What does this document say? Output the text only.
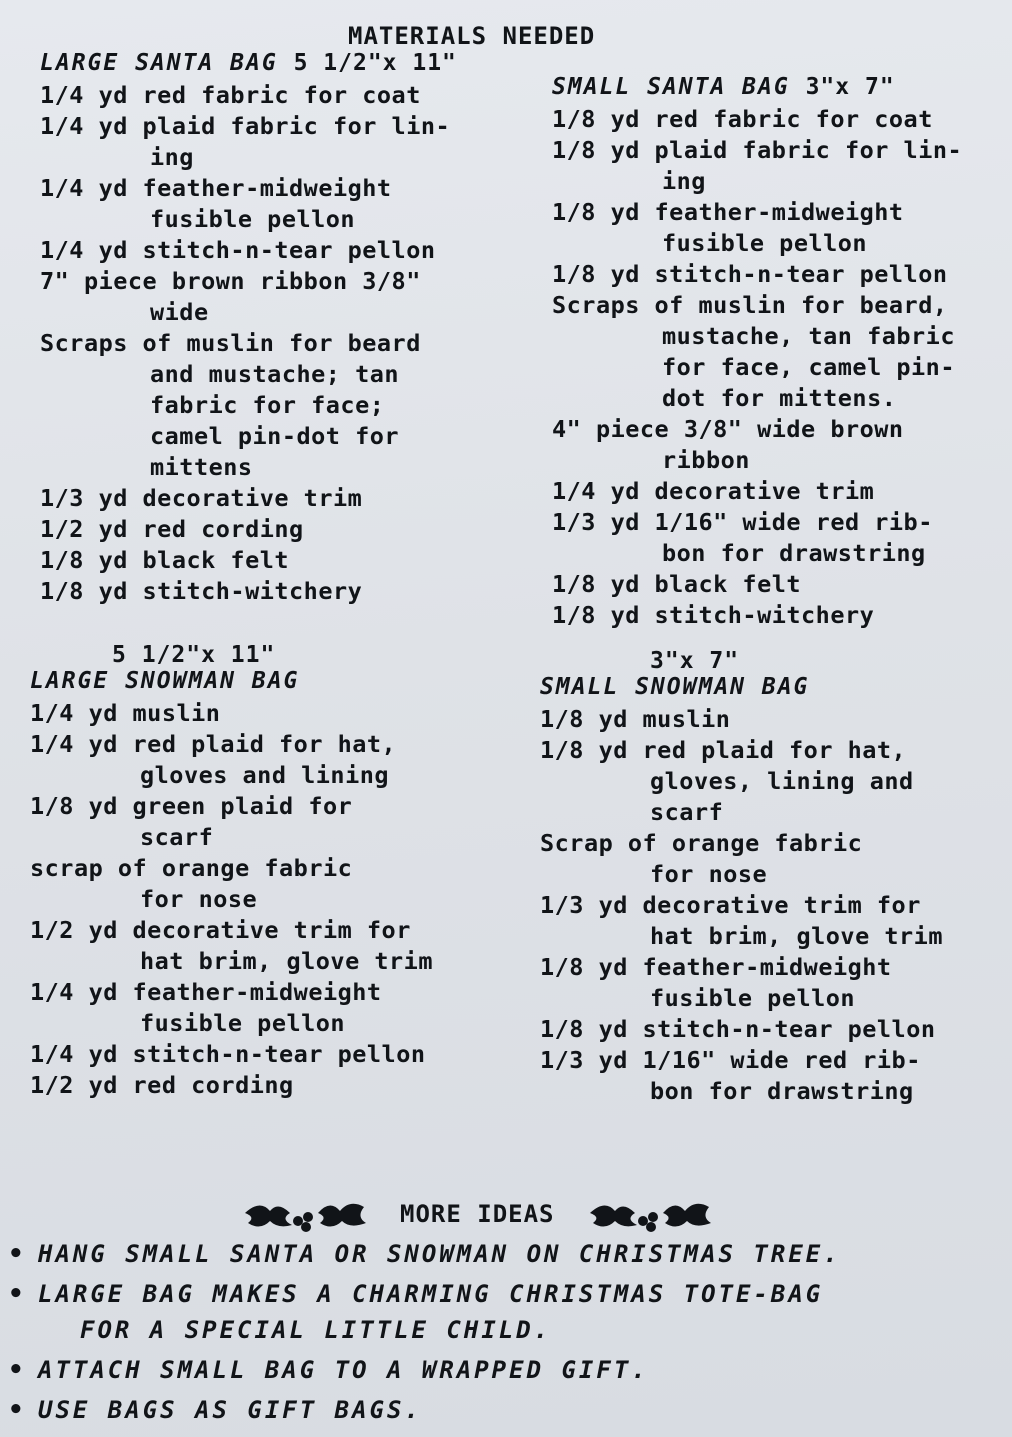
MATERIALS NEEDED
LARGE SANTA BAG 5 1/2"x 11"
1/4 yd red fabric for coat
1/4 yd plaid fabric for lin-
ing
1/4 yd feather-midweight
fusible pellon
1/4 yd stitch-n-tear pellon
7" piece brown ribbon 3/8"
wide
Scraps of muslin for beard
and mustache; tan
fabric for face;
camel pin-dot for
mittens
1/3 yd decorative trim
1/2 yd red cording
1/8 yd black felt
1/8 yd stitch-witchery
SMALL SANTA BAG 3"x 7"
1/8 yd red fabric for coat
1/8 yd plaid fabric for lin-
ing
1/8 yd feather-midweight
fusible pellon
1/8 yd stitch-n-tear pellon
Scraps of muslin for beard,
mustache, tan fabric
for face, camel pin-
dot for mittens.
4" piece 3/8" wide brown
ribbon
1/4 yd decorative trim
1/3 yd 1/16" wide red rib-
bon for drawstring
1/8 yd black felt
1/8 yd stitch-witchery
5 1/2"x 11"
LARGE SNOWMAN BAG
1/4 yd muslin
1/4 yd red plaid for hat,
gloves and lining
1/8 yd green plaid for
scarf
scrap of orange fabric
for nose
1/2 yd decorative trim for
hat brim, glove trim
1/4 yd feather-midweight
fusible pellon
1/4 yd stitch-n-tear pellon
1/2 yd red cording
3"x 7"
SMALL SNOWMAN BAG
1/8 yd muslin
1/8 yd red plaid for hat,
gloves, lining and
scarf
Scrap of orange fabric
for nose
1/3 yd decorative trim for
hat brim, glove trim
1/8 yd feather-midweight
fusible pellon
1/8 yd stitch-n-tear pellon
1/3 yd 1/16" wide red rib-
bon for drawstring
MORE IDEAS
• HANG SMALL SANTA OR SNOWMAN ON CHRISTMAS TREE.
• LARGE BAG MAKES A CHARMING CHRISTMAS TOTE-BAG
FOR A SPECIAL LITTLE CHILD.
• ATTACH SMALL BAG TO A WRAPPED GIFT.
• USE BAGS AS GIFT BAGS.
